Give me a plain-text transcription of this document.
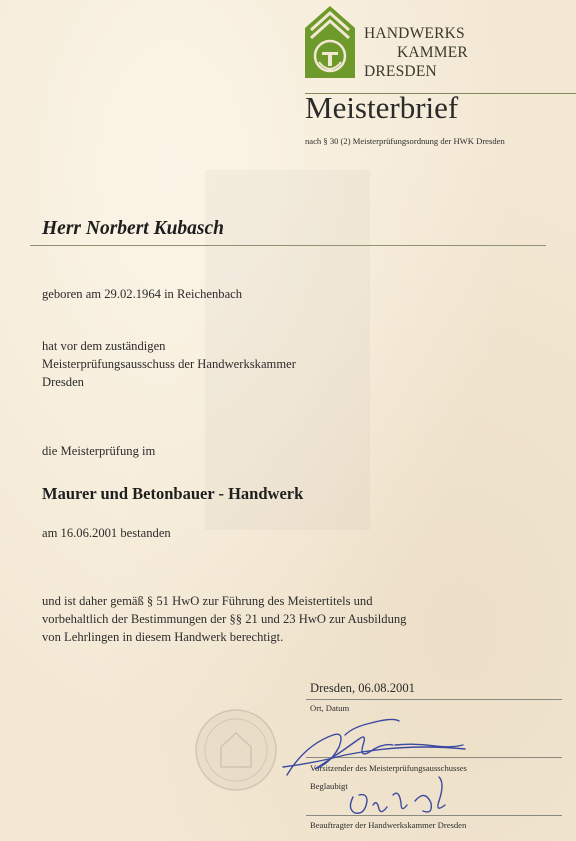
HANDWERKS
KAMMER
DRESDEN
Meisterbrief
nach § 30 (2) Meisterprüfungsordnung der HWK Dresden
Herr Norbert Kubasch
geboren am 29.02.1964 in Reichenbach
hat vor dem zuständigen
Meisterprüfungsausschuss der Handwerkskammer
Dresden
die Meisterprüfung im
Maurer und Betonbauer - Handwerk
am 16.06.2001 bestanden
und ist daher gemäß § 51 HwO zur Führung des Meistertitels und
vorbehaltlich der Bestimmungen der §§ 21 und 23 HwO zur Ausbildung
von Lehrlingen in diesem Handwerk berechtigt.
Dresden, 06.08.2001
Ort, Datum
Vorsitzender des Meisterprüfungsausschusses
Beglaubigt
Beauftragter der Handwerkskammer Dresden
